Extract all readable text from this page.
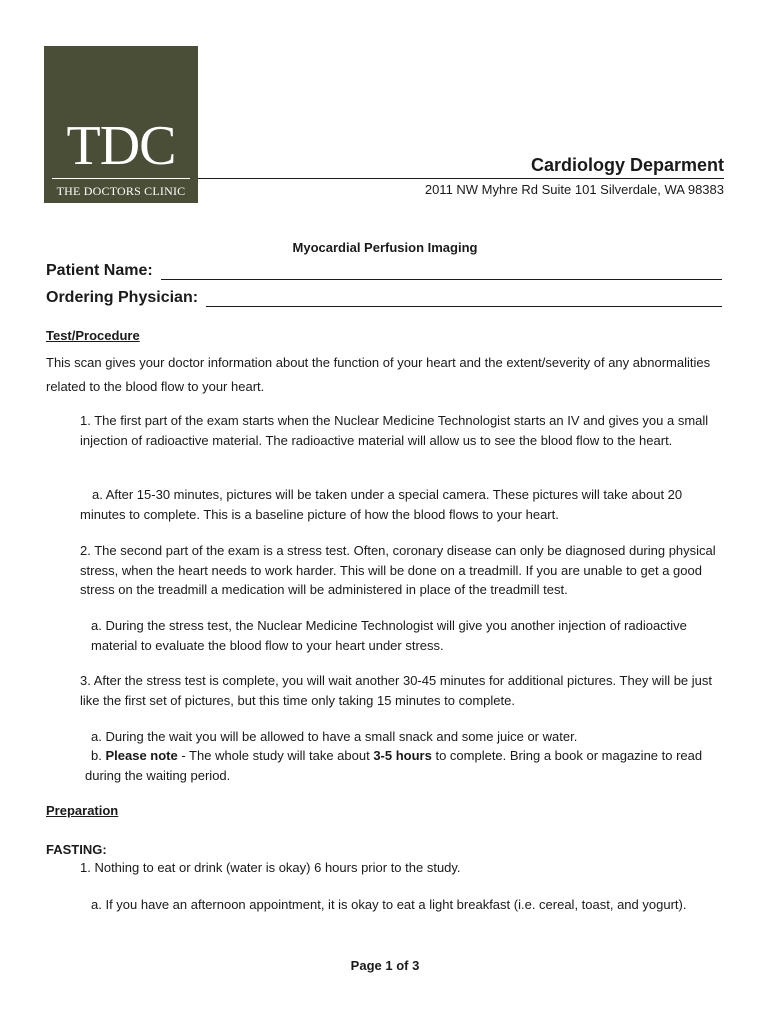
TDC
THE DOCTORS CLINIC
Cardiology Deparment
2011 NW Myhre Rd Suite 101 Silverdale, WA 98383
Myocardial Perfusion Imaging
Patient Name:
Ordering Physician:
Test/Procedure
This scan gives your doctor information about the function of your heart and the extent/severity of any abnormalities related to the blood flow to your heart.
1. The first part of the exam starts when the Nuclear Medicine Technologist starts an IV and gives you a small injection of radioactive material. The radioactive material will allow us to see the blood flow to the heart.
a. After 15-30 minutes, pictures will be taken under a special camera. These pictures will take about 20 minutes to complete. This is a baseline picture of how the blood flows to your heart.
2. The second part of the exam is a stress test. Often, coronary disease can only be diagnosed during physical stress, when the heart needs to work harder. This will be done on a treadmill. If you are unable to get a good stress on the treadmill a medication will be administered in place of the treadmill test.
a. During the stress test, the Nuclear Medicine Technologist will give you another injection of radioactive material to evaluate the blood flow to your heart under stress.
3. After the stress test is complete, you will wait another 30-45 minutes for additional pictures. They will be just like the first set of pictures, but this time only taking 15 minutes to complete.
a. During the wait you will be allowed to have a small snack and some juice or water.
b. Please note - The whole study will take about 3-5 hours to complete. Bring a book or magazine to read during the waiting period.
Preparation
FASTING:
1. Nothing to eat or drink (water is okay) 6 hours prior to the study.
a. If you have an afternoon appointment, it is okay to eat a light breakfast (i.e. cereal, toast, and yogurt).
Page 1 of 3
